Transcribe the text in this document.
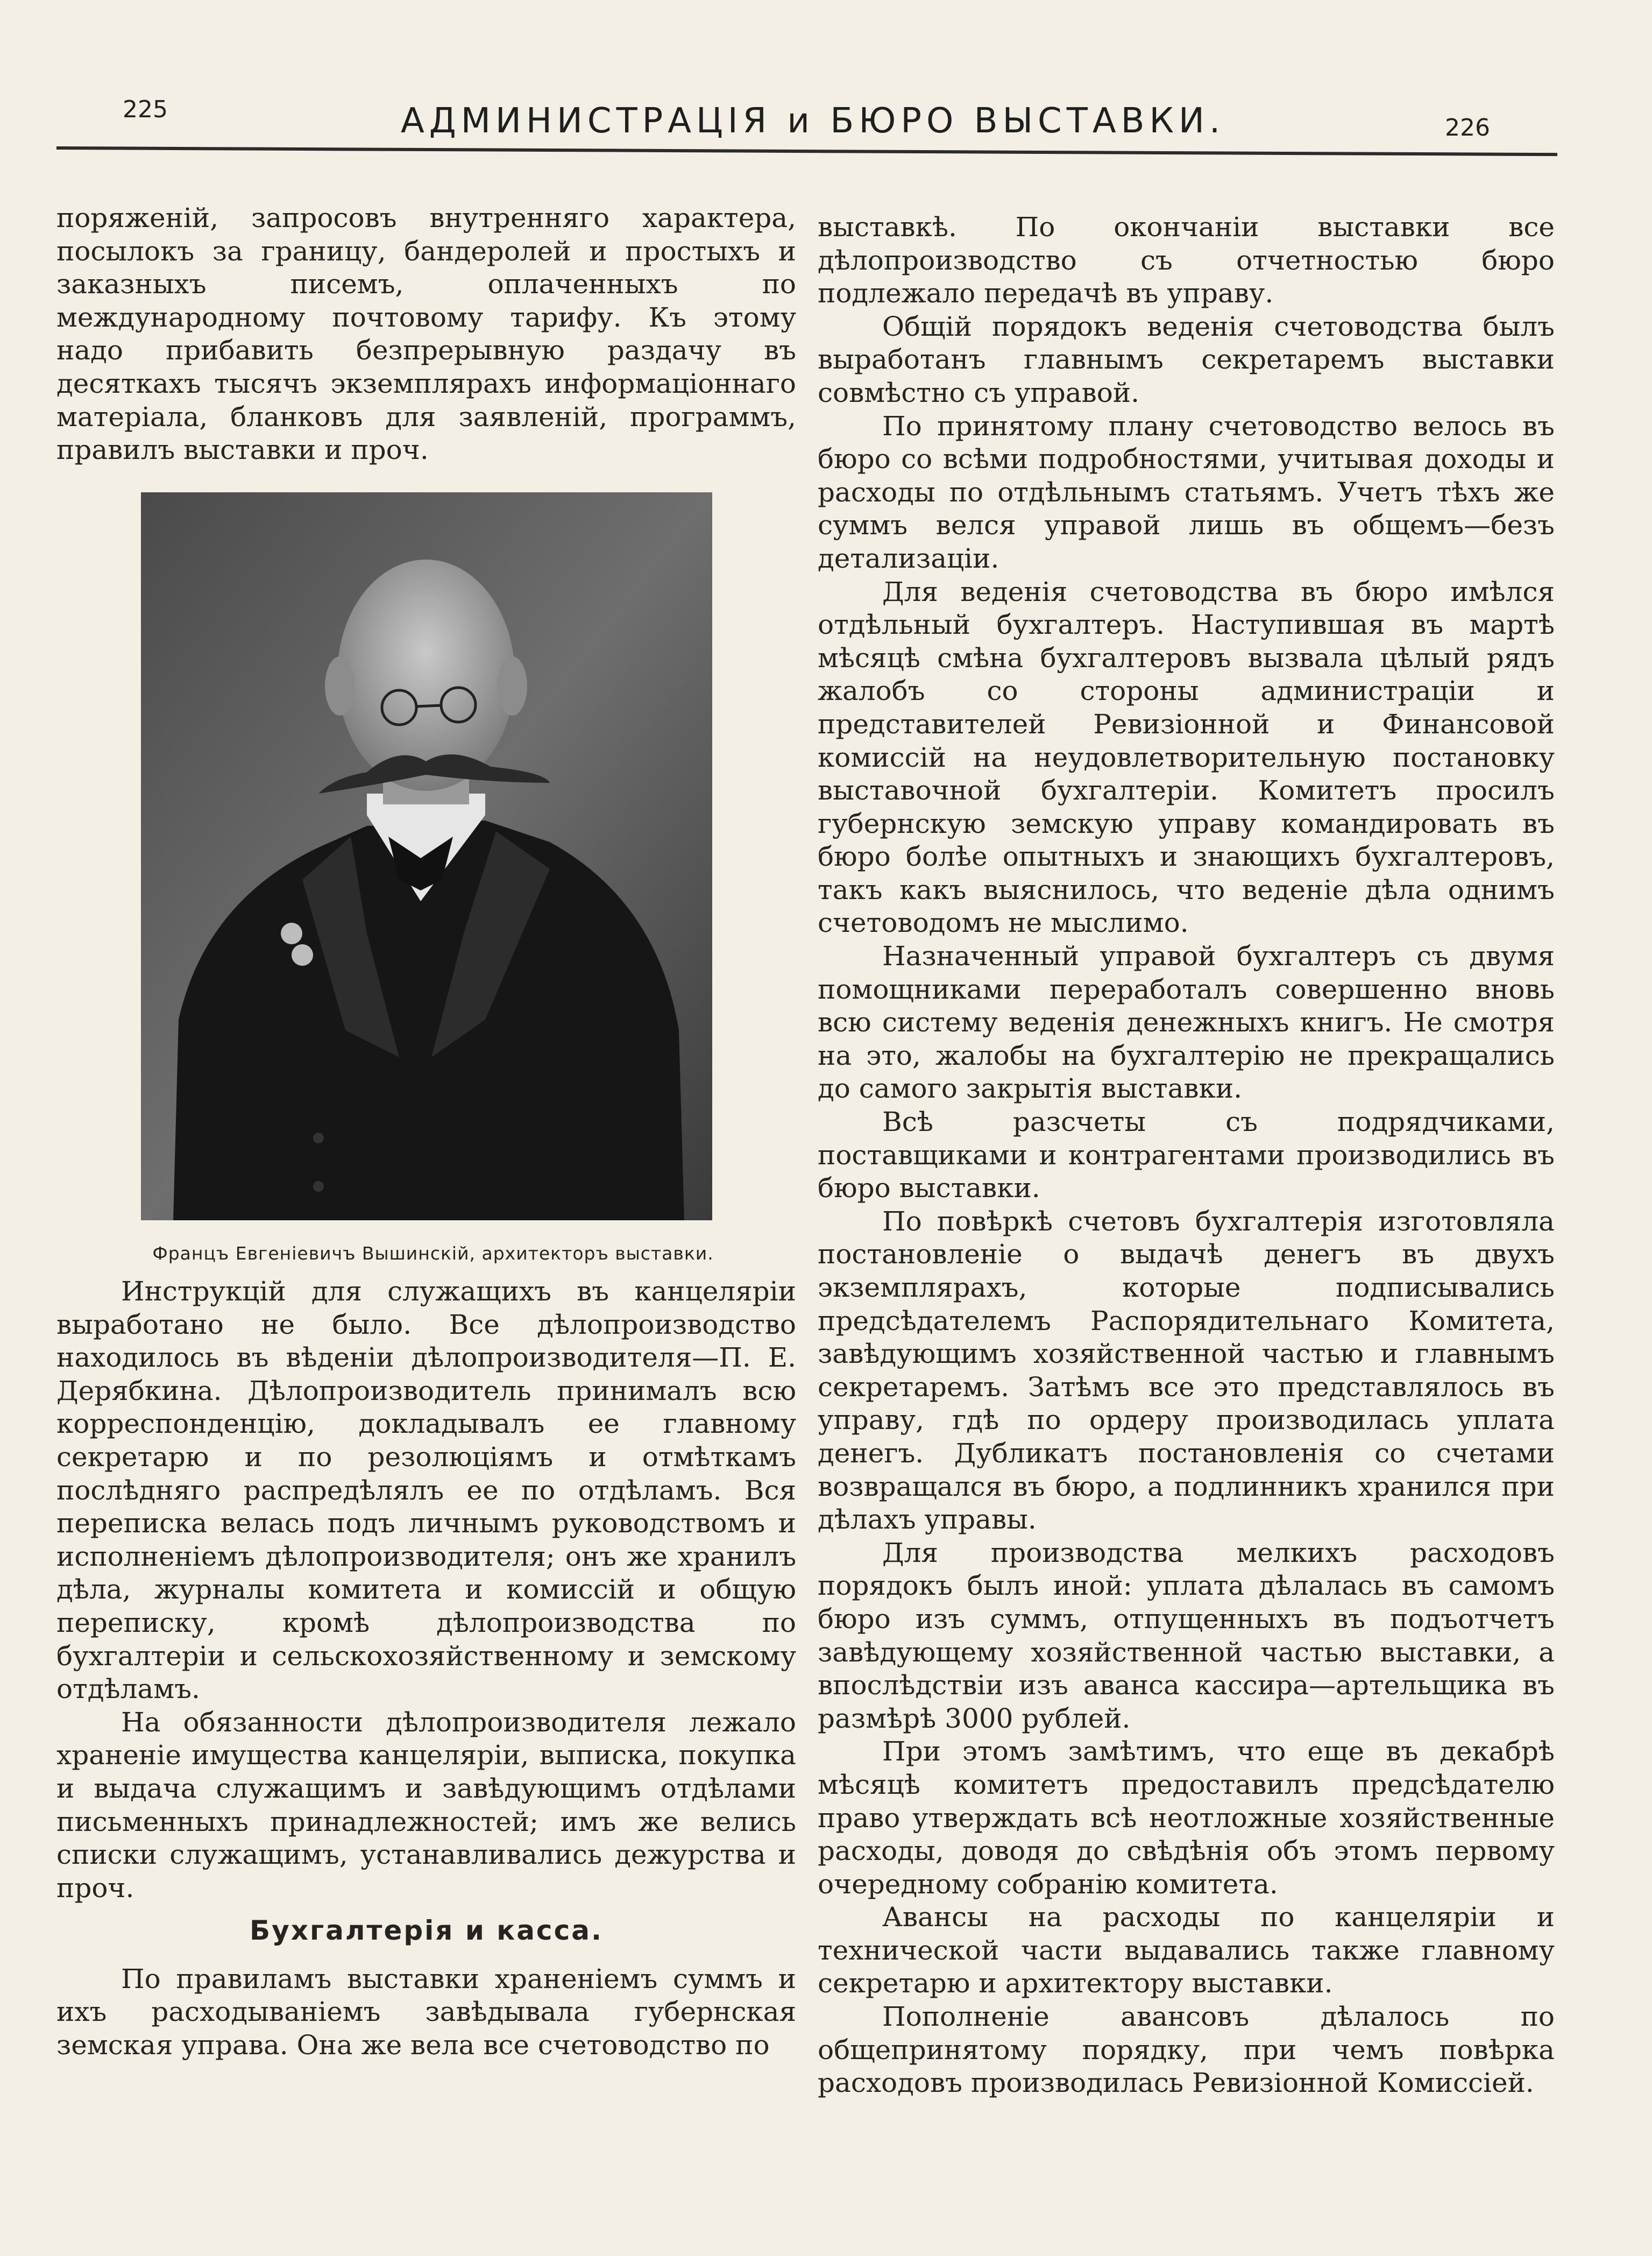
225	АДМИНИСТРАЦІЯ и БЮРО ВЫСТАВКИ.	226

поряженій, запросовъ внутренняго характера, посылокъ за границу, бандеролей и простыхъ и заказныхъ писемъ, оплаченныхъ по международному почтовому тарифу. Къ этому надо прибавить безпрерывную раздачу въ десяткахъ тысячъ экземплярахъ информаціоннаго матеріала, бланковъ для заявленій, программъ, правилъ выставки и проч.

Францъ Евгеніевичъ Вышинскій, архитекторъ выставки.

Инструкцій для служащихъ въ канцеляріи выработано не было. Все дѣлопроизводство находилось въ вѣденіи дѣлопроизводителя—П. Е. Дерябкина. Дѣлопроизводитель принималъ всю корреспонденцію, докладывалъ ее главному секретарю и по резолюціямъ и отмѣткамъ послѣдняго распредѣлялъ ее по отдѣламъ. Вся переписка велась подъ личнымъ руководствомъ и исполненіемъ дѣлопроизводителя; онъ же хранилъ дѣла, журналы комитета и комиссій и общую переписку, кромѣ дѣлопроизводства по бухгалтеріи и сельскохозяйственному и земскому отдѣламъ.

На обязанности дѣлопроизводителя лежало храненіе имущества канцеляріи, выписка, покупка и выдача служащимъ и завѣдующимъ отдѣлами письменныхъ принадлежностей; имъ же велись списки служащимъ, устанавливались дежурства и проч.

Бухгалтерія и касса.

По правиламъ выставки храненіемъ суммъ и ихъ расходываніемъ завѣдывала губернская земская управа. Она же вела все счетоводство по

выставкѣ. По окончаніи выставки все дѣлопроизводство съ отчетностью бюро подлежало передачѣ въ управу.

Общій порядокъ веденія счетоводства былъ выработанъ главнымъ секретаремъ выставки совмѣстно съ управой.

По принятому плану счетоводство велось въ бюро со всѣми подробностями, учитывая доходы и расходы по отдѣльнымъ статьямъ. Учетъ тѣхъ же суммъ велся управой лишь въ общемъ—безъ детализаціи.

Для веденія счетоводства въ бюро имѣлся отдѣльный бухгалтеръ. Наступившая въ мартѣ мѣсяцѣ смѣна бухгалтеровъ вызвала цѣлый рядъ жалобъ со стороны администраціи и представителей Ревизіонной и Финансовой комиссій на неудовлетворительную постановку выставочной бухгалтеріи. Комитетъ просилъ губернскую земскую управу командировать въ бюро болѣе опытныхъ и знающихъ бухгалтеровъ, такъ какъ выяснилось, что веденіе дѣла однимъ счетоводомъ не мыслимо.

Назначенный управой бухгалтеръ съ двумя помощниками переработалъ совершенно вновь всю систему веденія денежныхъ книгъ. Не смотря на это, жалобы на бухгалтерію не прекращались до самого закрытія выставки.

Всѣ разсчеты съ подрядчиками, поставщиками и контрагентами производились въ бюро выставки.

По повѣркѣ счетовъ бухгалтерія изготовляла постановленіе о выдачѣ денегъ въ двухъ экземплярахъ, которые подписывались предсѣдателемъ Распорядительнаго Комитета, завѣдующимъ хозяйственной частью и главнымъ секретаремъ. Затѣмъ все это представлялось въ управу, гдѣ по ордеру производилась уплата денегъ. Дубликатъ постановленія со счетами возвращался въ бюро, а подлинникъ хранился при дѣлахъ управы.

Для производства мелкихъ расходовъ порядокъ былъ иной: уплата дѣлалась въ самомъ бюро изъ суммъ, отпущенныхъ въ подъотчетъ завѣдующему хозяйственной частью выставки, а впослѣдствіи изъ аванса кассира—артельщика въ размѣрѣ 3000 рублей.

При этомъ замѣтимъ, что еще въ декабрѣ мѣсяцѣ комитетъ предоставилъ предсѣдателю право утверждать всѣ неотложные хозяйственные расходы, доводя до свѣдѣнія объ этомъ первому очередному собранію комитета.

Авансы на расходы по канцеляріи и технической части выдавались также главному секретарю и архитектору выставки.

Пополненіе авансовъ дѣлалось по общепринятому порядку, при чемъ повѣрка расходовъ производилась Ревизіонной Комиссіей.
